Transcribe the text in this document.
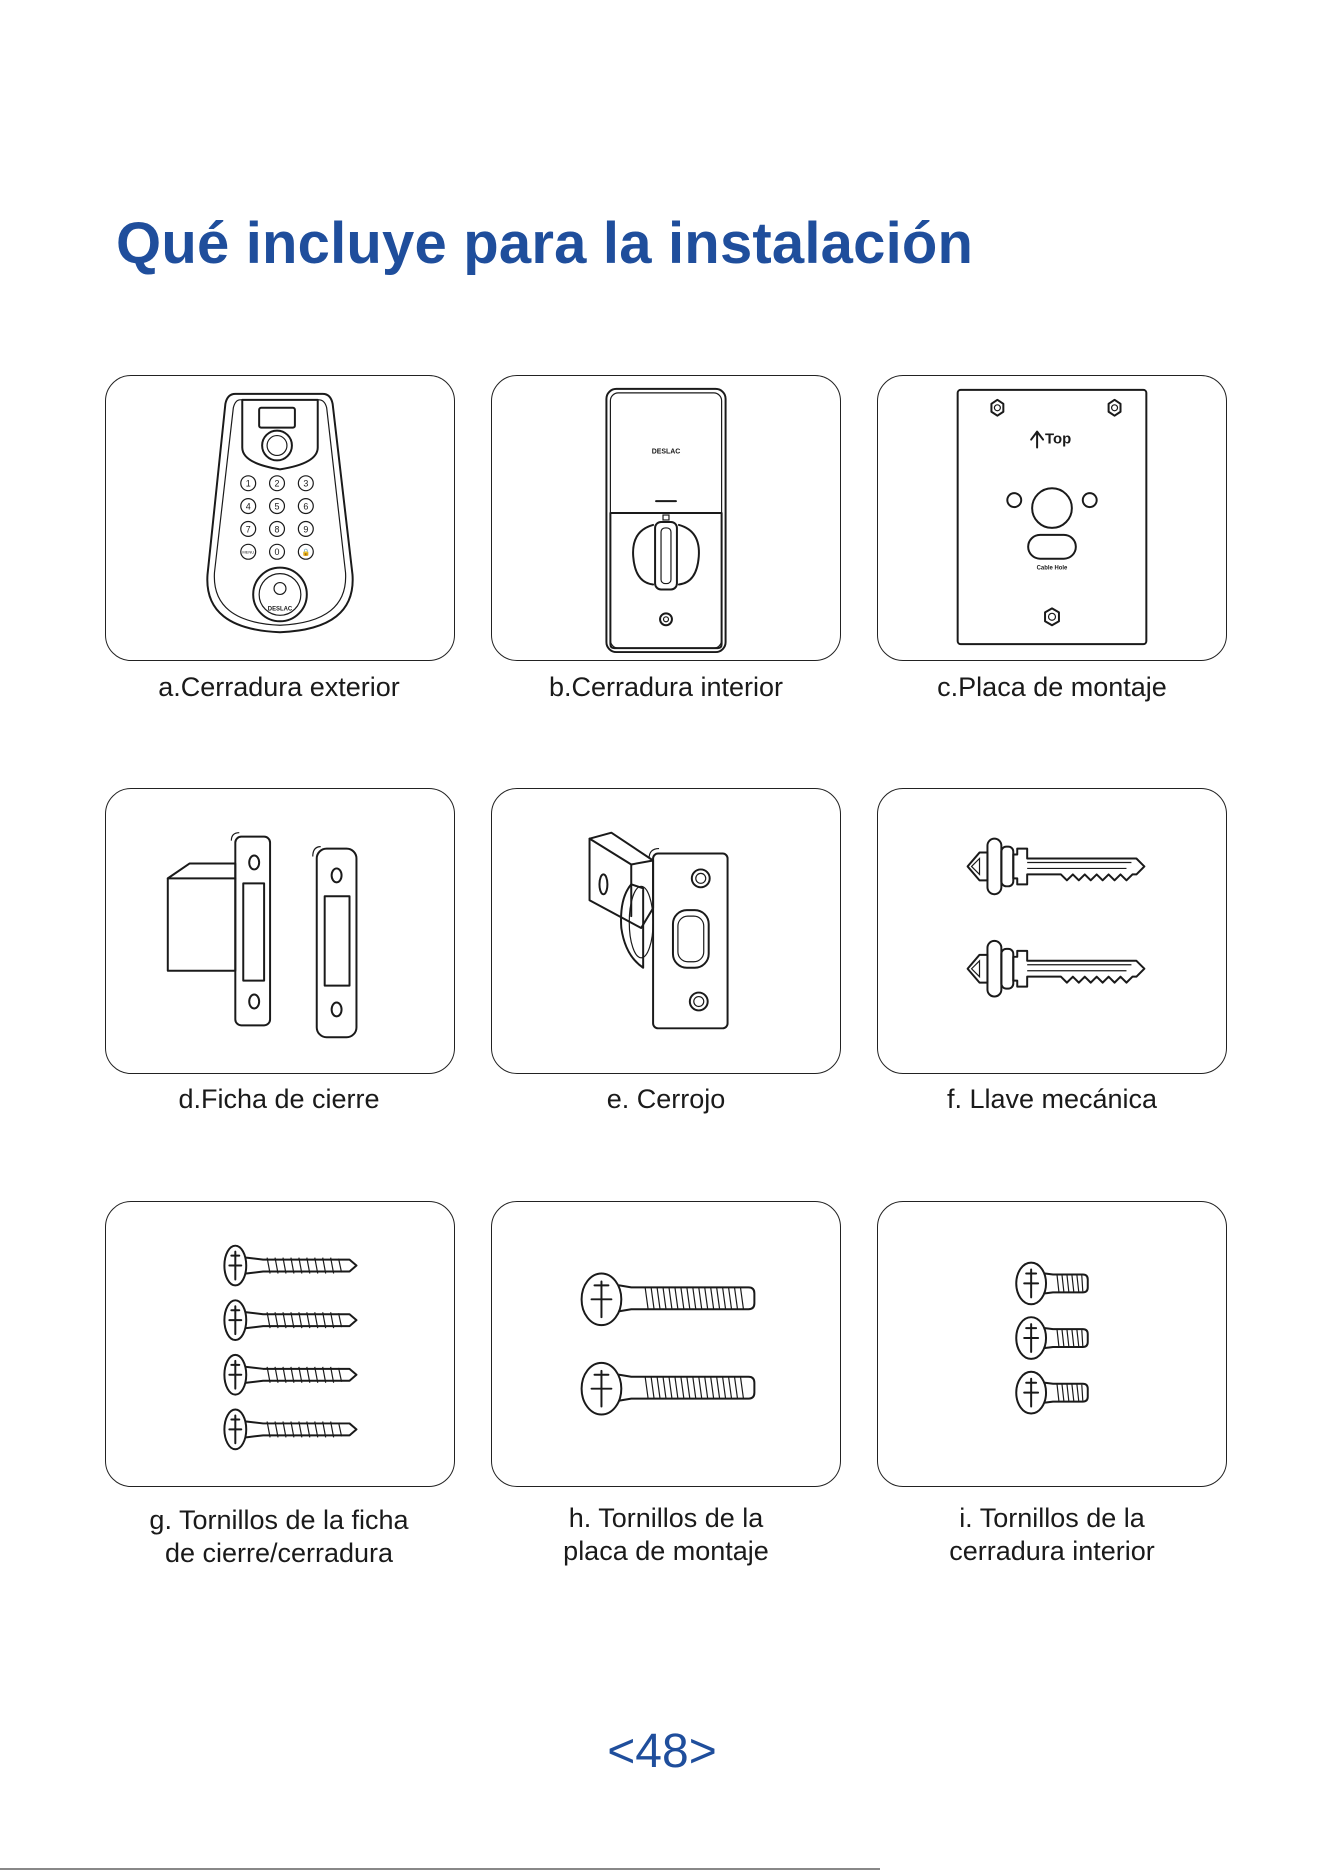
Qué incluye para la instalación
1	2	3
4	5	6
7	8	9
MENU 0	🔒
DESLAC
a.Cerradura exterior
DESLAC
b.Cerradura interior
Top
Cable Hole
c.Placa de montaje
d.Ficha de cierre	e. Cerrojo	f. Llave mecánica
g. Tornillos de la ficha
de cierre/cerradura
h. Tornillos de la
placa de montaje
i. Tornillos de la
cerradura interior
<48>
